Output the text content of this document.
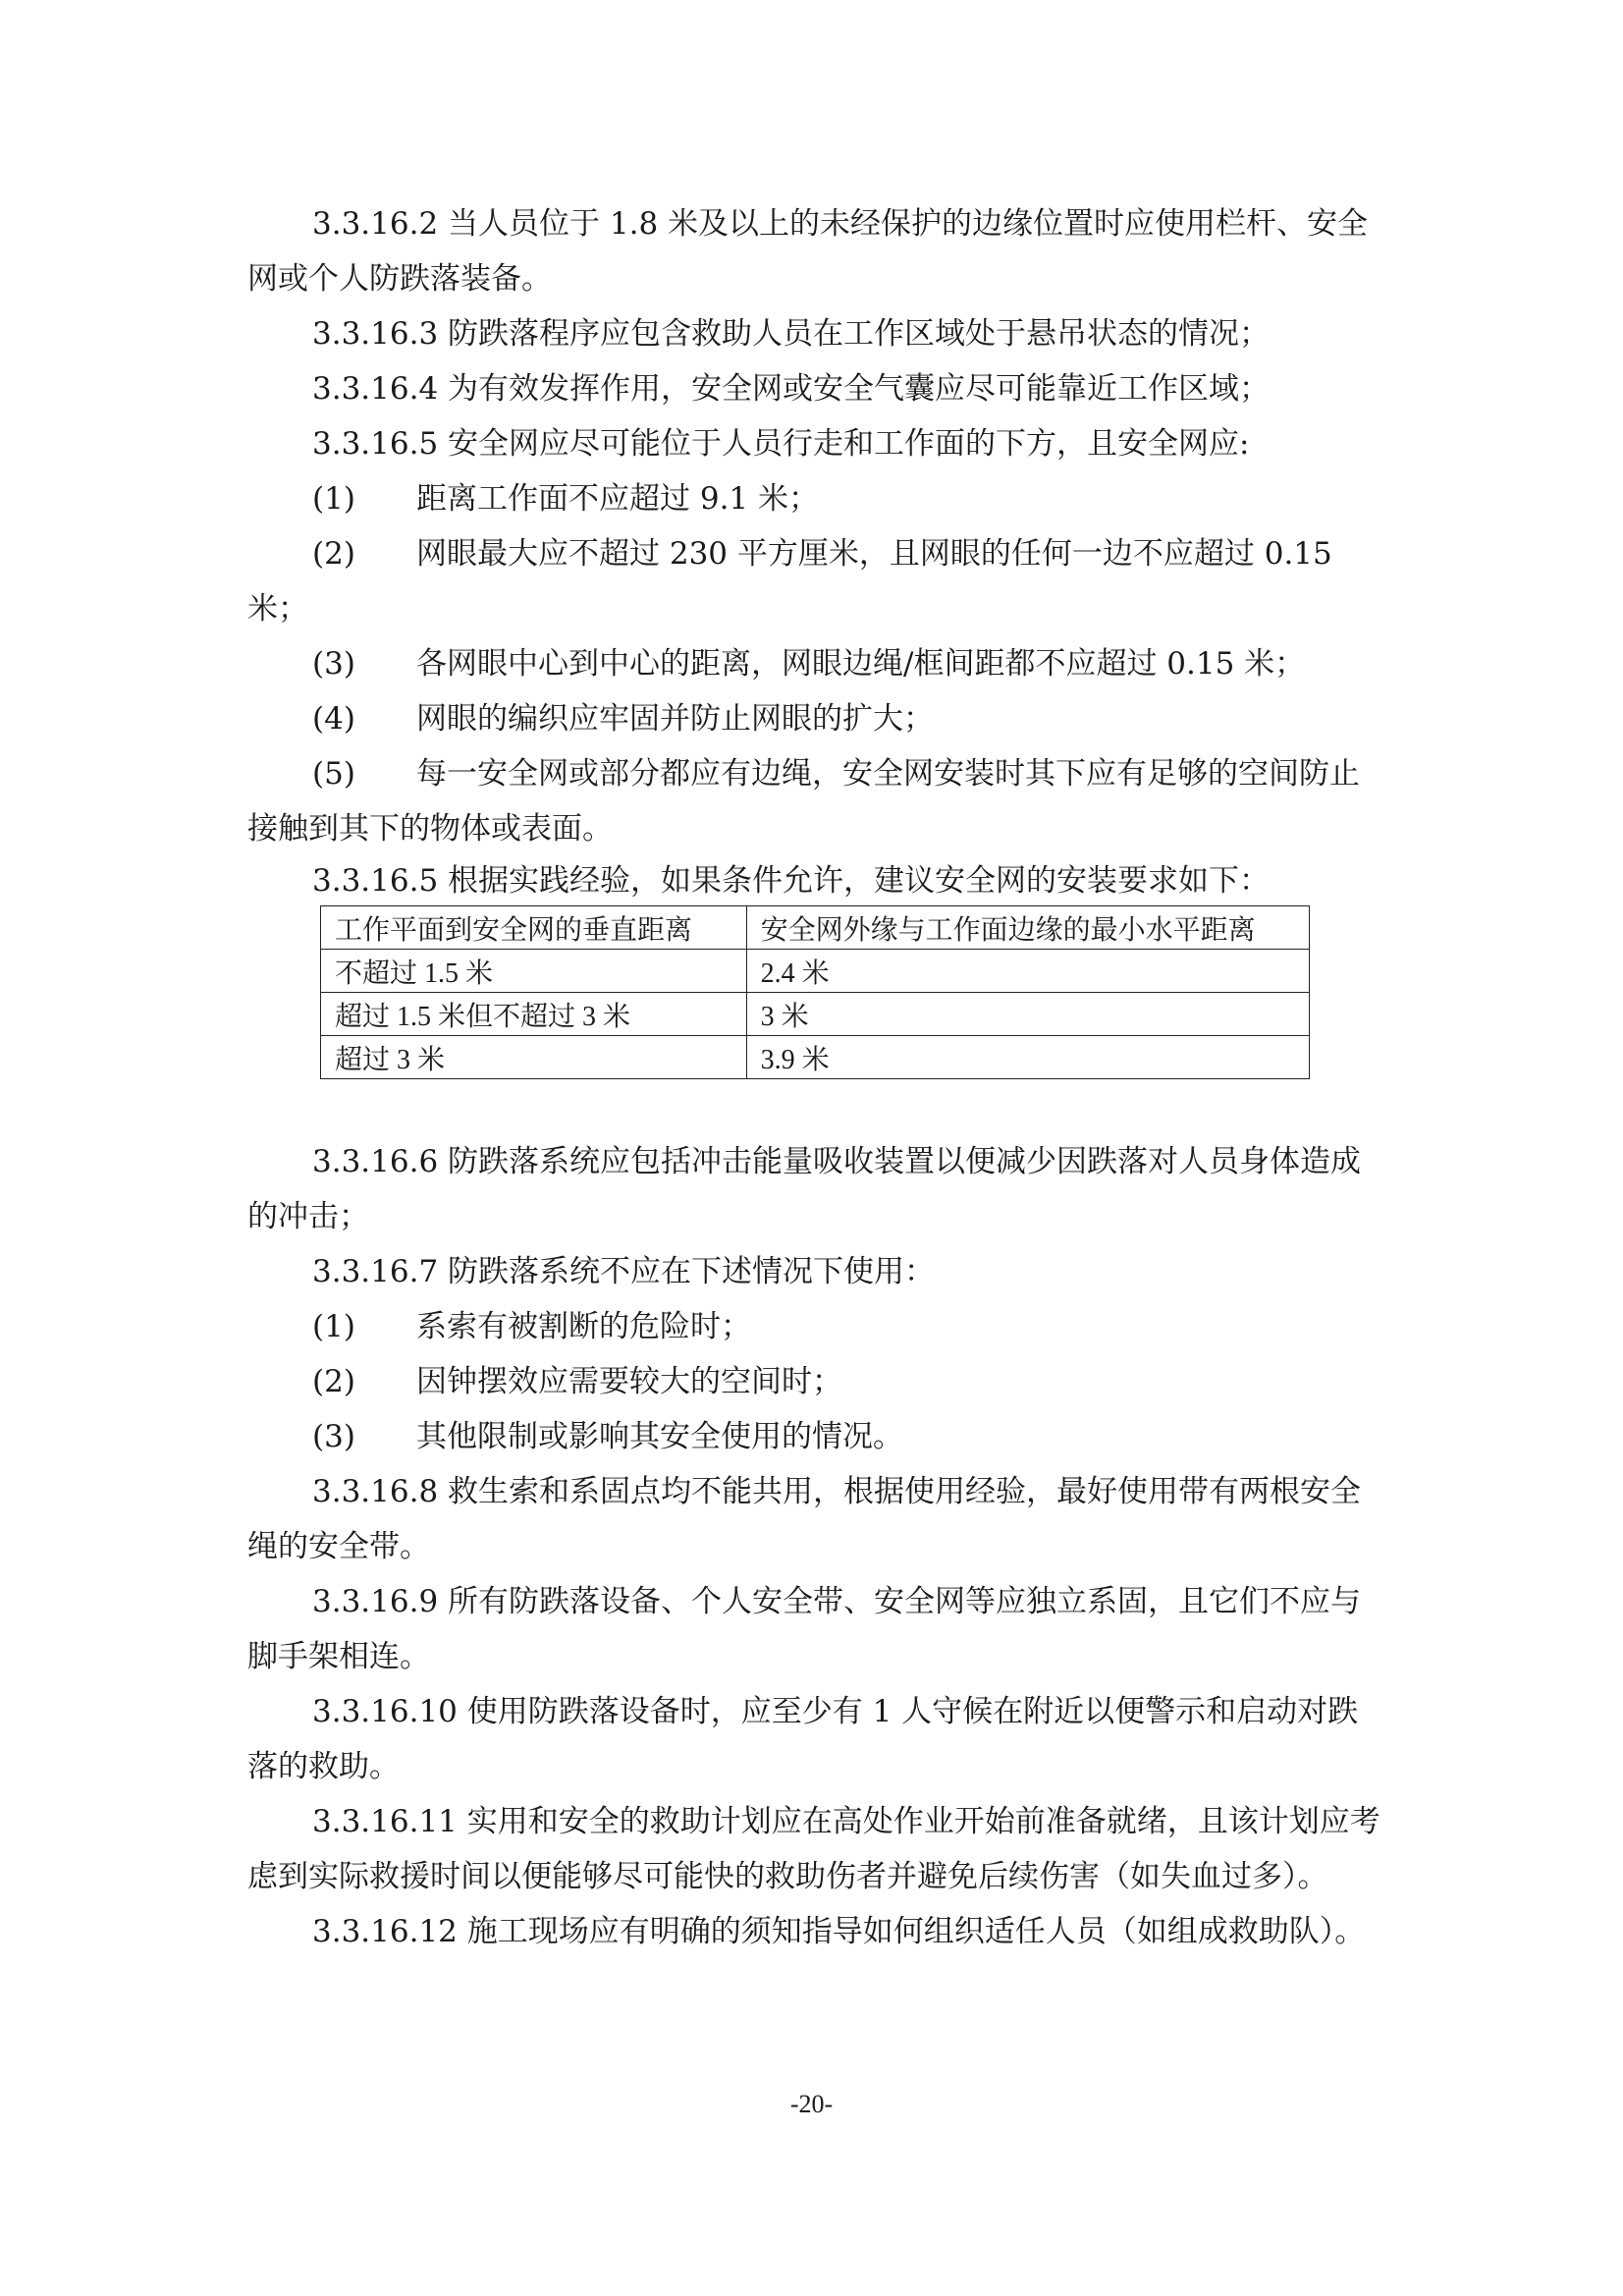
3.3.16.2 当人员位于 1.8 米及以上的未经保护的边缘位置时应使用栏杆、安全网或个人防跌落装备。

3.3.16.3 防跌落程序应包含救助人员在工作区域处于悬吊状态的情况；

3.3.16.4 为有效发挥作用，安全网或安全气囊应尽可能靠近工作区域；

3.3.16.5 安全网应尽可能位于人员行走和工作面的下方，且安全网应:

(1)	距离工作面不应超过 9.1 米；

(2) 网眼最大应不超过 230 平方厘米，且网眼的任何一边不应超过 0.15 米；

(3)	各网眼中心到中心的距离，网眼边绳/框间距都不应超过 0.15 米；
(4)	网眼的编织应牢固并防止网眼的扩大；

(5) 每一安全网或部分都应有边绳，安全网安装时其下应有足够的空间防止接触到其下的物体或表面。

3.3.16.5 根据实践经验，如果条件允许，建议安全网的安装要求如下：

工作平面到安全网的垂直距离	安全网外缘与工作面边缘的最小水平距离
不超过 1.5 米	2.4 米
超过 1.5 米但不超过 3 米	3 米
超过 3 米	3.9 米

3.3.16.6 防跌落系统应包括冲击能量吸收装置以便减少因跌落对人员身体造成的冲击；

3.3.16.7 防跌落系统不应在下述情况下使用：

(1)	系索有被割断的危险时；
(2)	因钟摆效应需要较大的空间时；
(3)	其他限制或影响其安全使用的情况。

3.3.16.8 救生索和系固点均不能共用，根据使用经验，最好使用带有两根安全绳的安全带。

3.3.16.9 所有防跌落设备、个人安全带、安全网等应独立系固，且它们不应与脚手架相连。

3.3.16.10 使用防跌落设备时，应至少有 1 人守候在附近以便警示和启动对跌落的救助。

3.3.16.11 实用和安全的救助计划应在高处作业开始前准备就绪，且该计划应考虑到实际救援时间以便能够尽可能快的救助伤者并避免后续伤害（如失血过多）。

3.3.16.12 施工现场应有明确的须知指导如何组织适任人员（如组成救助队）。

-20-
